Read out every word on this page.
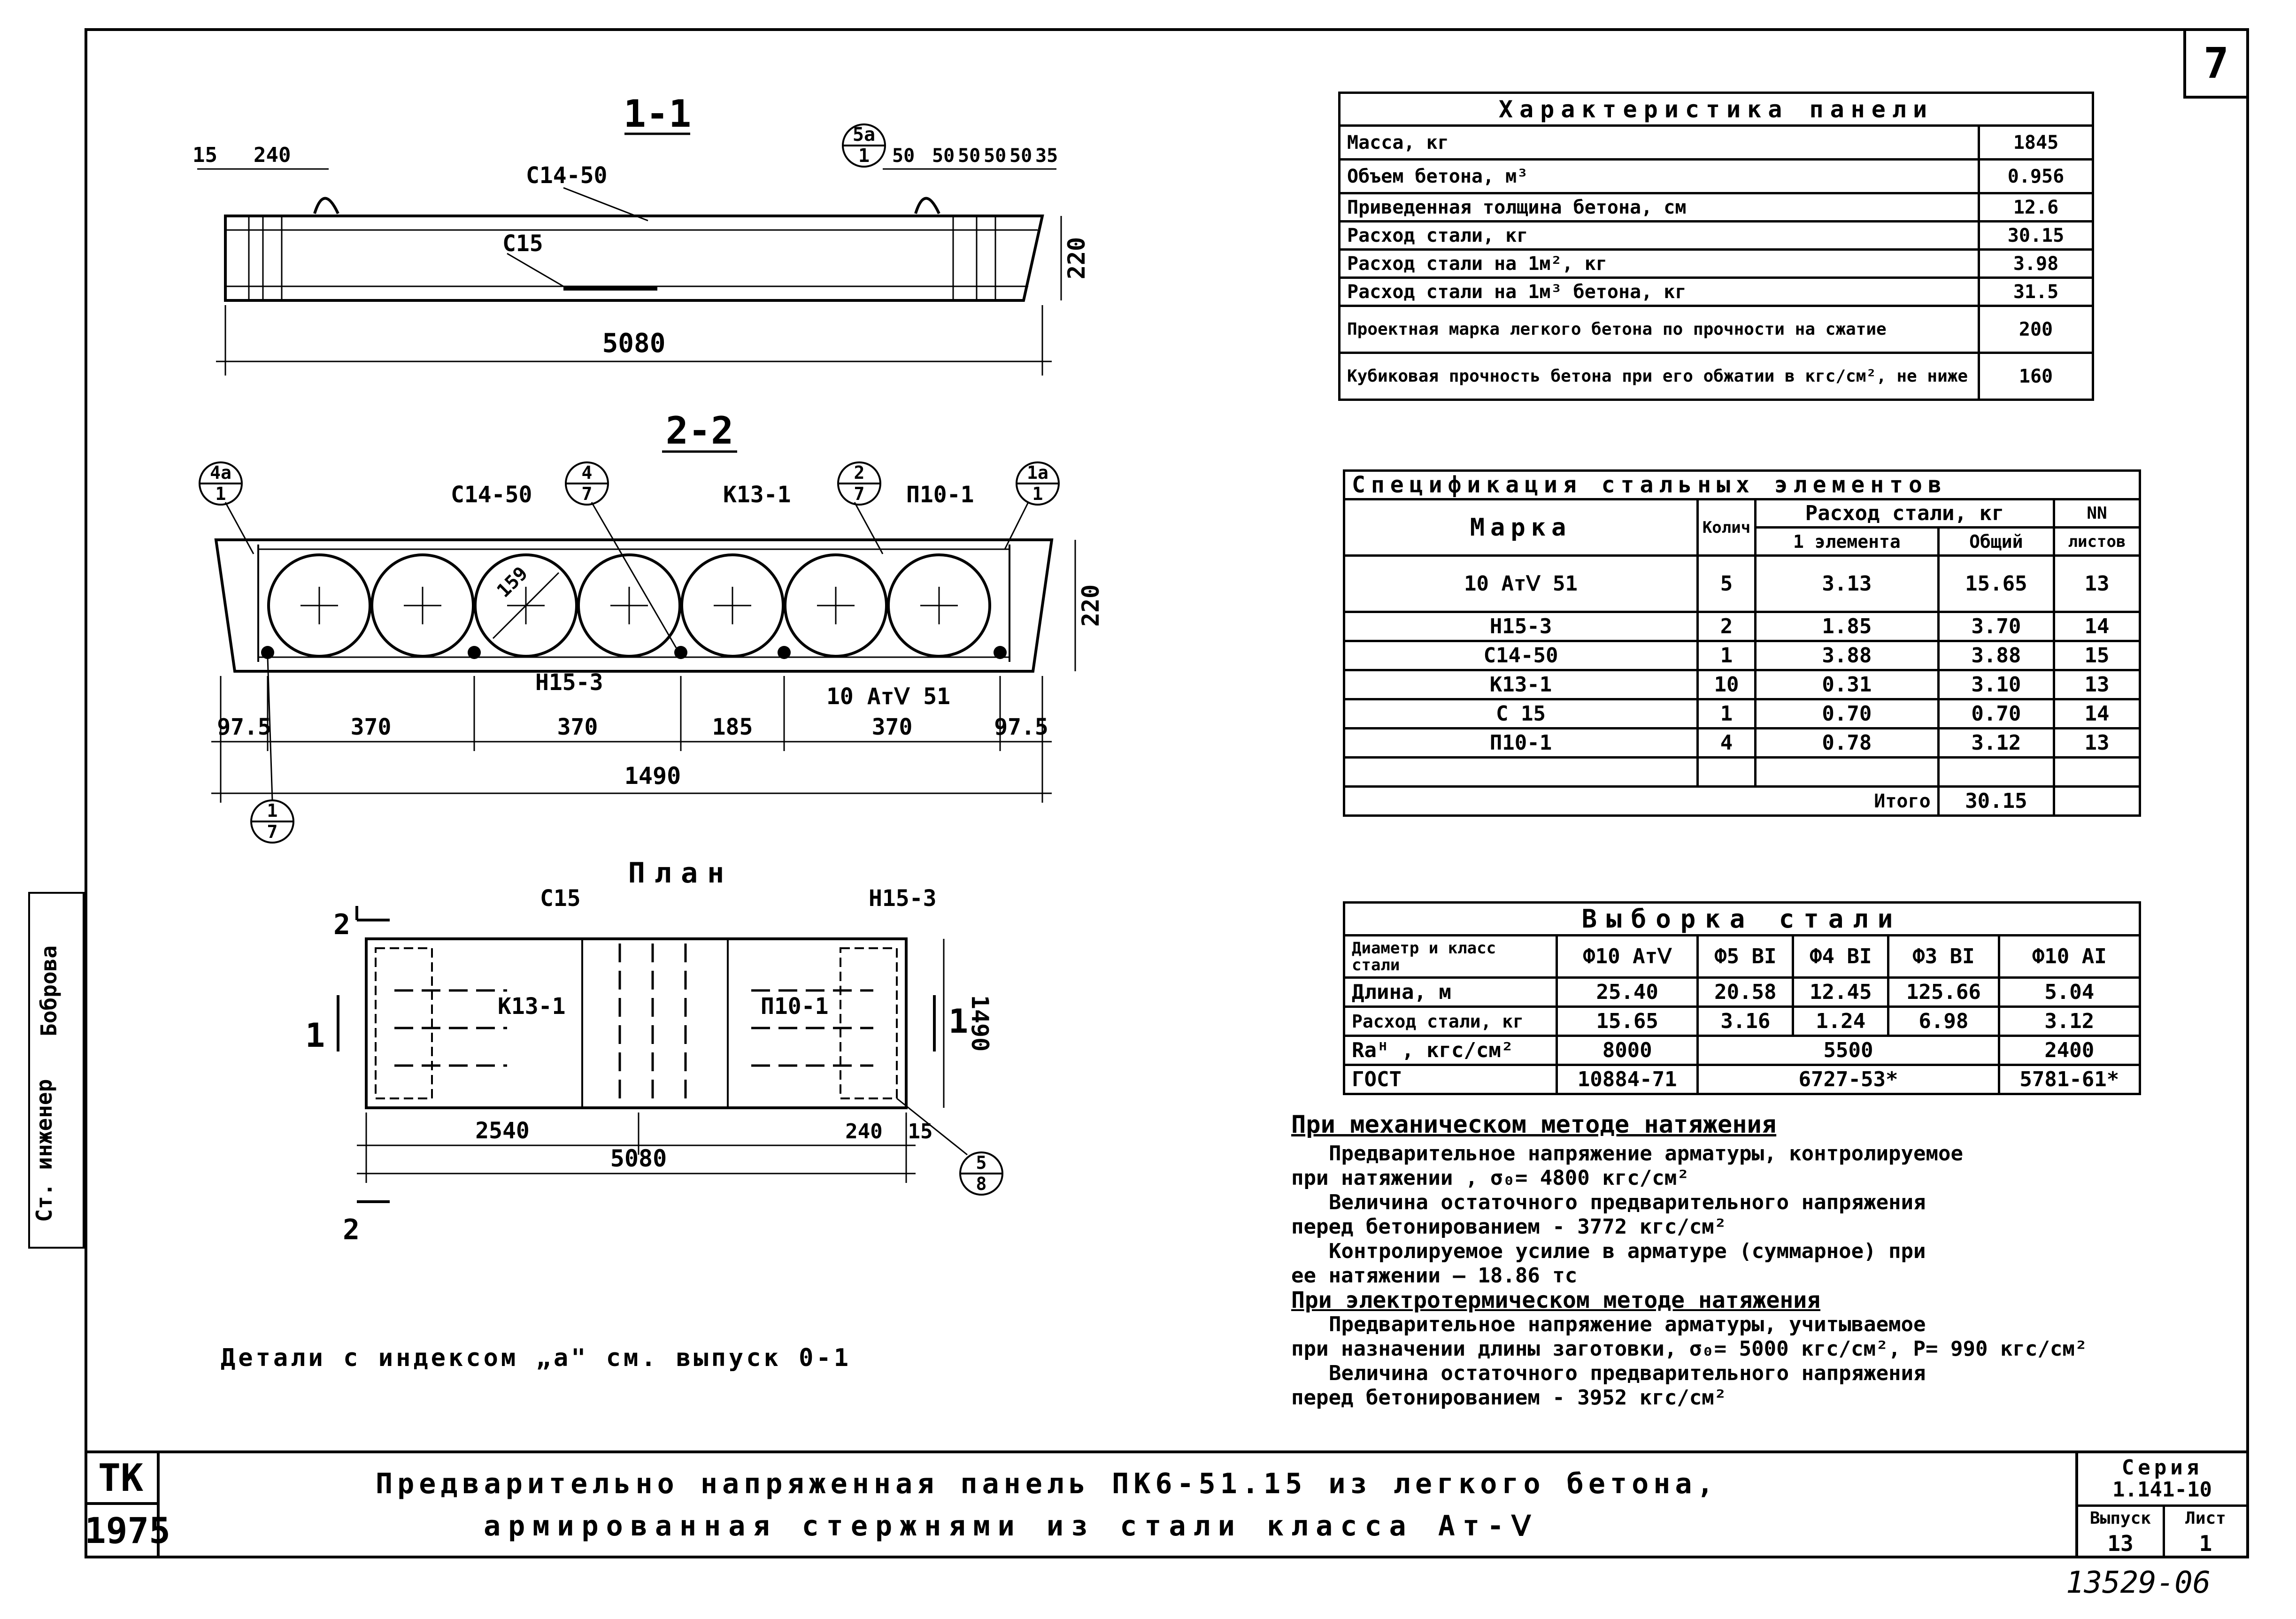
7
Ст. инженер
Боброва
1-1
15 240	50 50 50 50 50 35
5a
1
С14-50
С15	220
5080
2-2
4a
1
4
7
2
7
1a
1
1
7
С14-50	К13-1	П10-1
Н15-3
10 АтⅤ 51
159
220
97.5	370	370	185	370	97.5
1490
План
С15	Н15-3
К13-1	П10-1
2
1	1
2
1490
2540
5080
240 15
5
8
Детали с индексом „а" см. выпуск 0-1
Характеристика панели	
Масса, кг	1845
Объем бетона, м³	0.956
Приведенная толщина бетона, см	12.6
Расход стали, кг	30.15
Расход стали на 1м², кг	3.98
Расход стали на 1м³ бетона, кг	31.5
Проектная марка легкого бетона по прочности на сжатие	200
Кубиковая прочность бетона при его обжатии в кгс/см², не ниже	160
Спецификация стальных элементов				
Марка	Колич	Расход стали, кг		NN
		1 элемента	Общий	листов
10 АтⅤ 51	5	3.13	15.65	13
Н15-3	2	1.85	3.70	14
С14-50	1	3.88	3.88	15
К13-1	10	0.31	3.10	13
С 15	1	0.70	0.70	14
П10-1	4	0.78	3.12	13

Итого			30.15	
Выборка стали					
Диаметр и класс стали	Ф10 АтⅤ	Ф5 ВI	Ф4 ВI	Ф3 ВI	Ф10 АI
Длина, м	25.40	20.58	12.45	125.66	5.04
Расход стали, кг	15.65	3.16	1.24	6.98	3.12
Rаᴴ , кгс/см²	8000	5500			2400
ГОСТ	10884-71	6727-53*			5781-61*
При механическом методе натяжения
Предварительное напряжение арматуры, контролируемое
при натяжении , σ₀= 4800 кгс/см²
Величина остаточного предварительного напряжения
перед бетонированием - 3772 кгс/см²
Контролируемое усилие в арматуре (суммарное) при
ее натяжении — 18.86 тс
При электротермическом методе натяжения
Предварительное напряжение арматуры, учитываемое
при назначении длины заготовки, σ₀= 5000 кгс/см², Р= 990 кгс/см²
Величина остаточного предварительного напряжения
перед бетонированием - 3952 кгс/см²
ТК
1975
Предварительно напряженная панель ПК6-51.15 из легкого бетона,
армированная стержнями из стали класса Ат-Ⅴ
Серия
1.141-10
Выпуск
13
Лист
1
13529-06
